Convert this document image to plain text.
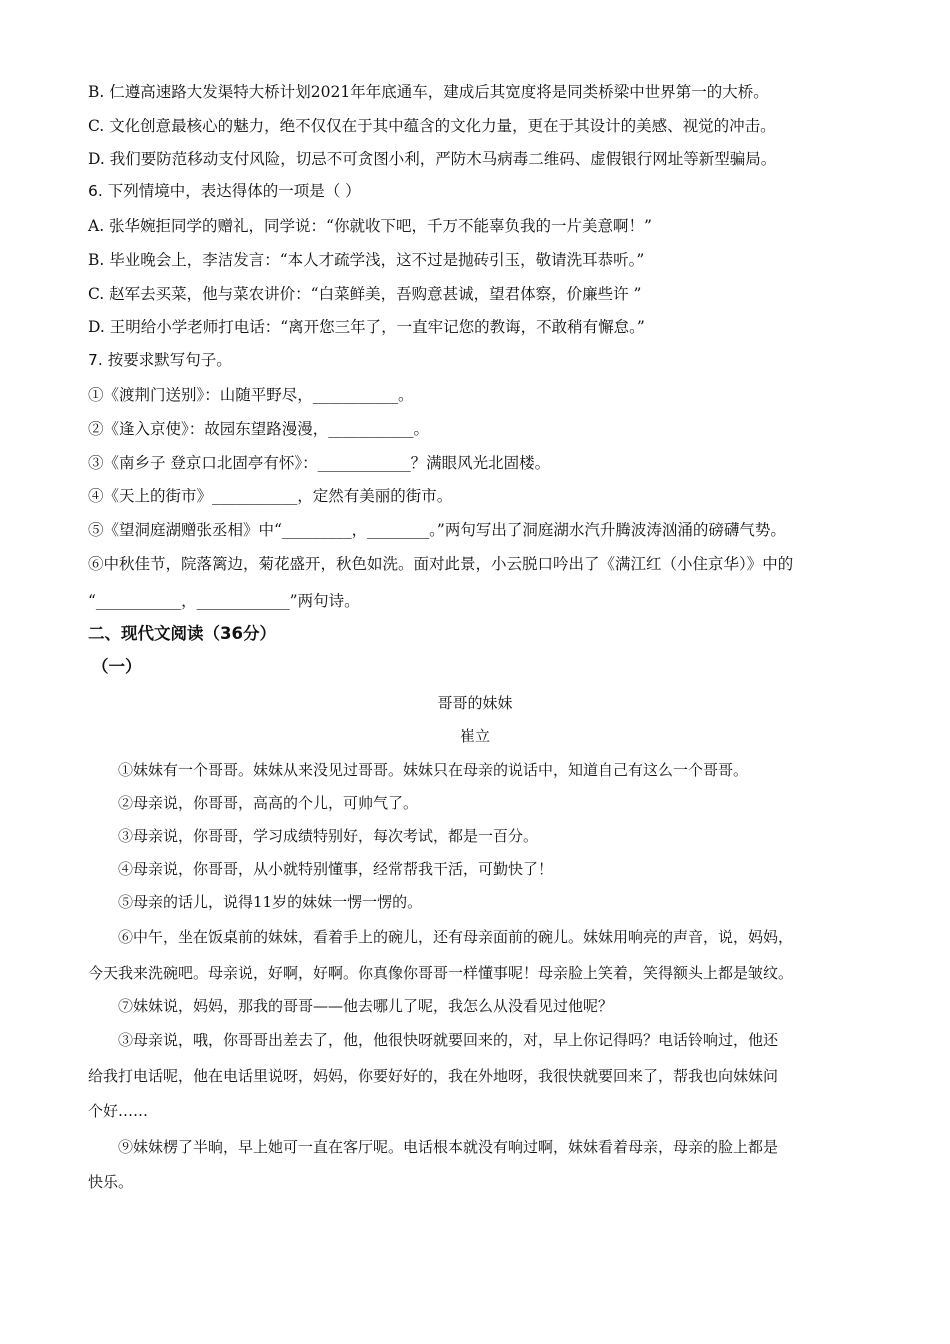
B. 仁遵高速路大发渠特大桥计划2021年年底通车，建成后其宽度将是同类桥梁中世界第一的大桥。
C. 文化创意最核心的魅力，绝不仅仅在于其中蕴含的文化力量，更在于其设计的美感、视觉的冲击。
D. 我们要防范移动支付风险，切忌不可贪图小利，严防木马病毒二维码、虚假银行网址等新型骗局。
6. 下列情境中，表达得体的一项是（ ）
A. 张华婉拒同学的赠礼，同学说：“你就收下吧，千万不能辜负我的一片美意啊！”
B. 毕业晚会上，李洁发言：“本人才疏学浅，这不过是抛砖引玉，敬请洗耳恭听。”
C. 赵军去买菜，他与菜农讲价：“白菜鲜美，吾购意甚诚，望君体察，价廉些许 ”
D. 王明给小学老师打电话：“离开您三年了，一直牢记您的教诲，不敢稍有懈怠。”
7. 按要求默写句子。
①《渡荆门送别》：山随平野尽，___________。
②《逢入京使》：故园东望路漫漫，___________。
③《南乡子 登京口北固亭有怀》：____________？满眼风光北固楼。
④《天上的街市》___________，定然有美丽的街市。
⑤《望洞庭湖赠张丞相》中“_________，________。”两句写出了洞庭湖水汽升腾波涛汹涌的磅礴气势。
⑥中秋佳节，院落篱边，菊花盛开，秋色如洗。面对此景，小云脱口吟出了《满江红（小住京华）》中的
“___________，____________”两句诗。
二、现代文阅读（36分）
（一）
哥哥的妹妹
崔立
①妹妹有一个哥哥。妹妹从来没见过哥哥。妹妹只在母亲的说话中，知道自己有这么一个哥哥。
②母亲说，你哥哥，高高的个儿，可帅气了。
③母亲说，你哥哥，学习成绩特别好，每次考试，都是一百分。
④母亲说，你哥哥，从小就特别懂事，经常帮我干活，可勤快了！
⑤母亲的话儿，说得11岁的妹妹一愣一愣的。
⑥中午，坐在饭桌前的妹妹，看着手上的碗儿，还有母亲面前的碗儿。妹妹用响亮的声音，说，妈妈，
今天我来洗碗吧。母亲说，好啊，好啊。你真像你哥哥一样懂事呢！母亲脸上笑着，笑得额头上都是皱纹。
⑦妹妹说，妈妈，那我的哥哥——他去哪儿了呢，我怎么从没看见过他呢？
③母亲说，哦，你哥哥出差去了，他，他很快呀就要回来的，对，早上你记得吗？电话铃响过，他还
给我打电话呢，他在电话里说呀，妈妈，你要好好的，我在外地呀，我很快就要回来了，帮我也向妹妹问
个好……
⑨妹妹楞了半晌，早上她可一直在客厅呢。电话根本就没有响过啊，妹妹看着母亲，母亲的脸上都是
快乐。
